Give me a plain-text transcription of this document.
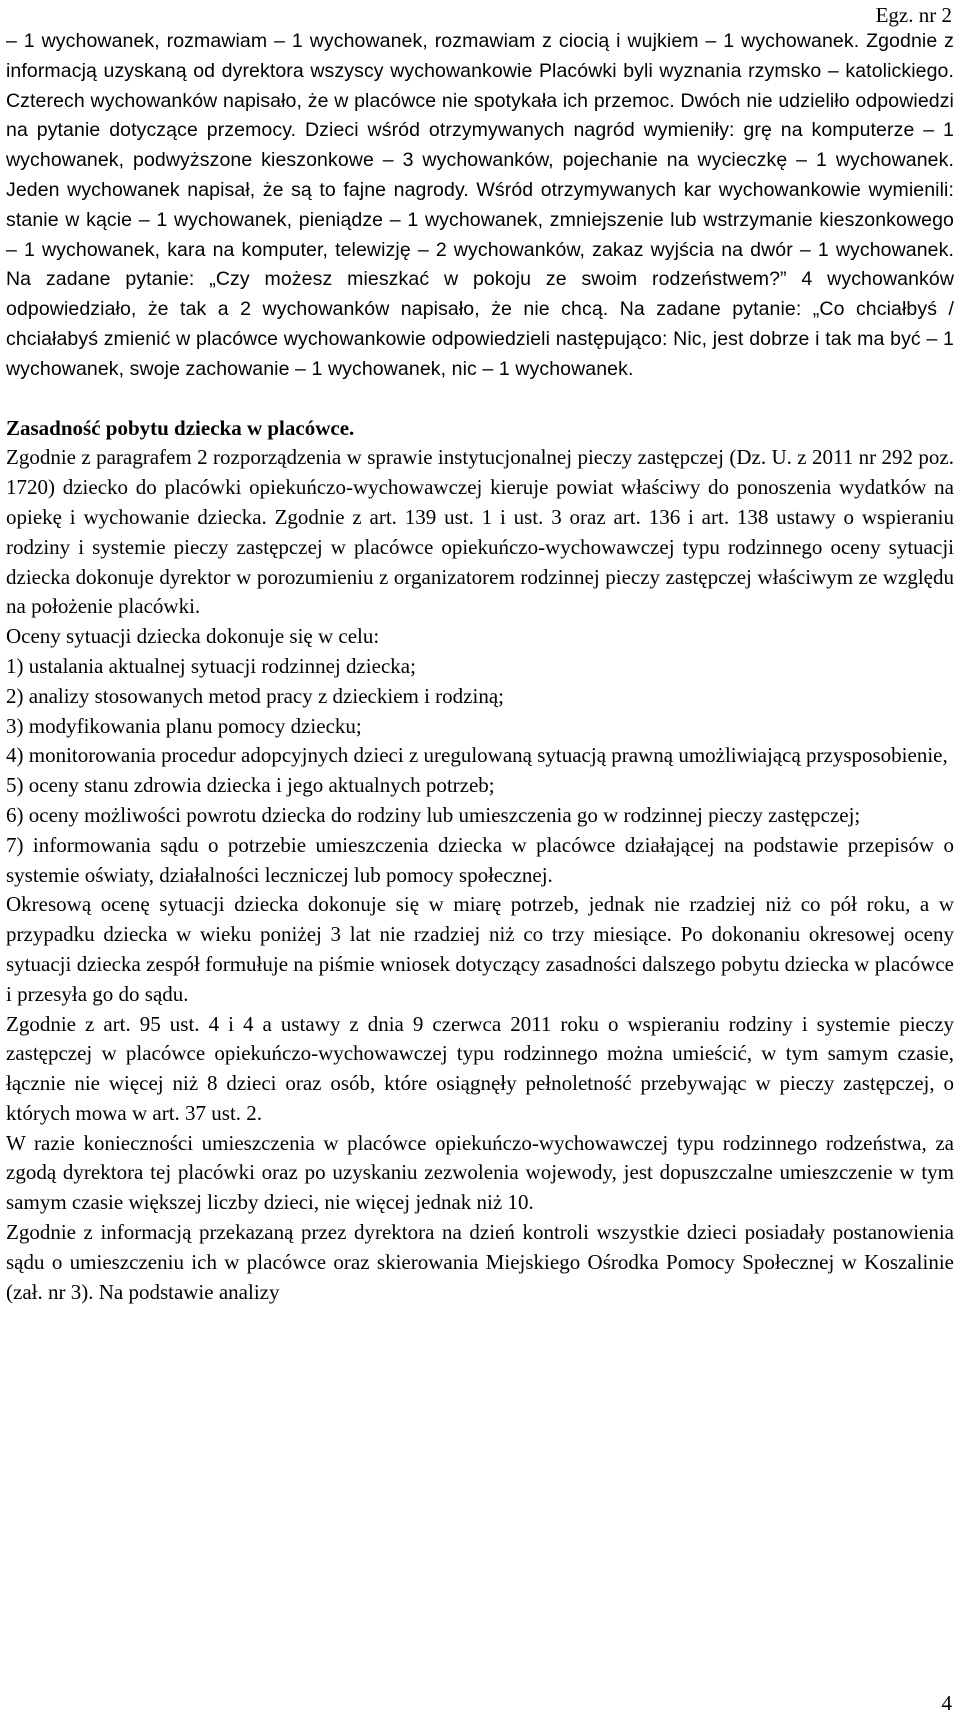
Egz. nr 2

– 1 wychowanek, rozmawiam – 1 wychowanek, rozmawiam z ciocią i wujkiem – 1 wychowanek. Zgodnie z informacją uzyskaną od dyrektora wszyscy wychowankowie Placówki byli wyznania rzymsko – katolickiego. Czterech wychowanków napisało, że w placówce nie spotykała ich przemoc. Dwóch nie udzieliło odpowiedzi na pytanie dotyczące przemocy. Dzieci wśród otrzymywanych nagród wymieniły: grę na komputerze – 1 wychowanek, podwyższone kieszonkowe – 3 wychowanków, pojechanie na wycieczkę – 1 wychowanek. Jeden wychowanek napisał, że są to fajne nagrody. Wśród otrzymywanych kar wychowankowie wymienili: stanie w kącie – 1 wychowanek, pieniądze – 1 wychowanek, zmniejszenie lub wstrzymanie kieszonkowego – 1 wychowanek, kara na komputer, telewizję – 2 wychowanków, zakaz wyjścia na dwór – 1 wychowanek. Na zadane pytanie: „Czy możesz mieszkać w pokoju ze swoim rodzeństwem?” 4 wychowanków odpowiedziało, że tak a 2 wychowanków napisało, że nie chcą. Na zadane pytanie: „Co chciałbyś / chciałabyś zmienić w placówce wychowankowie odpowiedzieli następująco: Nic, jest dobrze i tak ma być – 1 wychowanek, swoje zachowanie – 1 wychowanek, nic – 1 wychowanek.

Zasadność pobytu dziecka w placówce.

Zgodnie z paragrafem 2 rozporządzenia w sprawie instytucjonalnej pieczy zastępczej (Dz. U. z 2011 nr 292 poz. 1720) dziecko do placówki opiekuńczo-wychowawczej kieruje powiat właściwy do ponoszenia wydatków na opiekę i wychowanie dziecka. Zgodnie z art. 139 ust. 1 i ust. 3 oraz art. 136 i art. 138 ustawy o wspieraniu rodziny i systemie pieczy zastępczej w placówce opiekuńczo-wychowawczej typu rodzinnego oceny sytuacji dziecka dokonuje dyrektor w porozumieniu z organizatorem rodzinnej pieczy zastępczej właściwym ze względu na położenie placówki.

Oceny sytuacji dziecka dokonuje się w celu:

1) ustalania aktualnej sytuacji rodzinnej dziecka;

2) analizy stosowanych metod pracy z dzieckiem i rodziną;

3) modyfikowania planu pomocy dziecku;

4) monitorowania procedur adopcyjnych dzieci z uregulowaną sytuacją prawną umożliwiającą przysposobienie,

5) oceny stanu zdrowia dziecka i jego aktualnych potrzeb;

6) oceny możliwości powrotu dziecka do rodziny lub umieszczenia go w rodzinnej pieczy zastępczej;

7) informowania sądu o potrzebie umieszczenia dziecka w placówce działającej na podstawie przepisów o systemie oświaty, działalności leczniczej lub pomocy społecznej.

Okresową ocenę sytuacji dziecka dokonuje się w miarę potrzeb, jednak nie rzadziej niż co pół roku, a w przypadku dziecka w wieku poniżej 3 lat nie rzadziej niż co trzy miesiące. Po dokonaniu okresowej oceny sytuacji dziecka zespół formułuje na piśmie wniosek dotyczący zasadności dalszego pobytu dziecka w placówce i przesyła go do sądu.

Zgodnie z art. 95 ust. 4 i 4 a ustawy z dnia 9 czerwca 2011 roku o wspieraniu rodziny i systemie pieczy zastępczej w placówce opiekuńczo-wychowawczej typu rodzinnego można umieścić, w tym samym czasie, łącznie nie więcej niż 8 dzieci oraz osób, które osiągnęły pełnoletność przebywając w pieczy zastępczej, o których mowa w art. 37 ust. 2.

W razie konieczności umieszczenia w placówce opiekuńczo-wychowawczej typu rodzinnego rodzeństwa, za zgodą dyrektora tej placówki oraz po uzyskaniu zezwolenia wojewody, jest dopuszczalne umieszczenie w tym samym czasie większej liczby dzieci, nie więcej jednak niż 10.

Zgodnie z informacją przekazaną przez dyrektora na dzień kontroli wszystkie dzieci posiadały postanowienia sądu o umieszczeniu ich w placówce oraz skierowania Miejskiego Ośrodka Pomocy Społecznej w Koszalinie (zał. nr 3). Na podstawie analizy

4
